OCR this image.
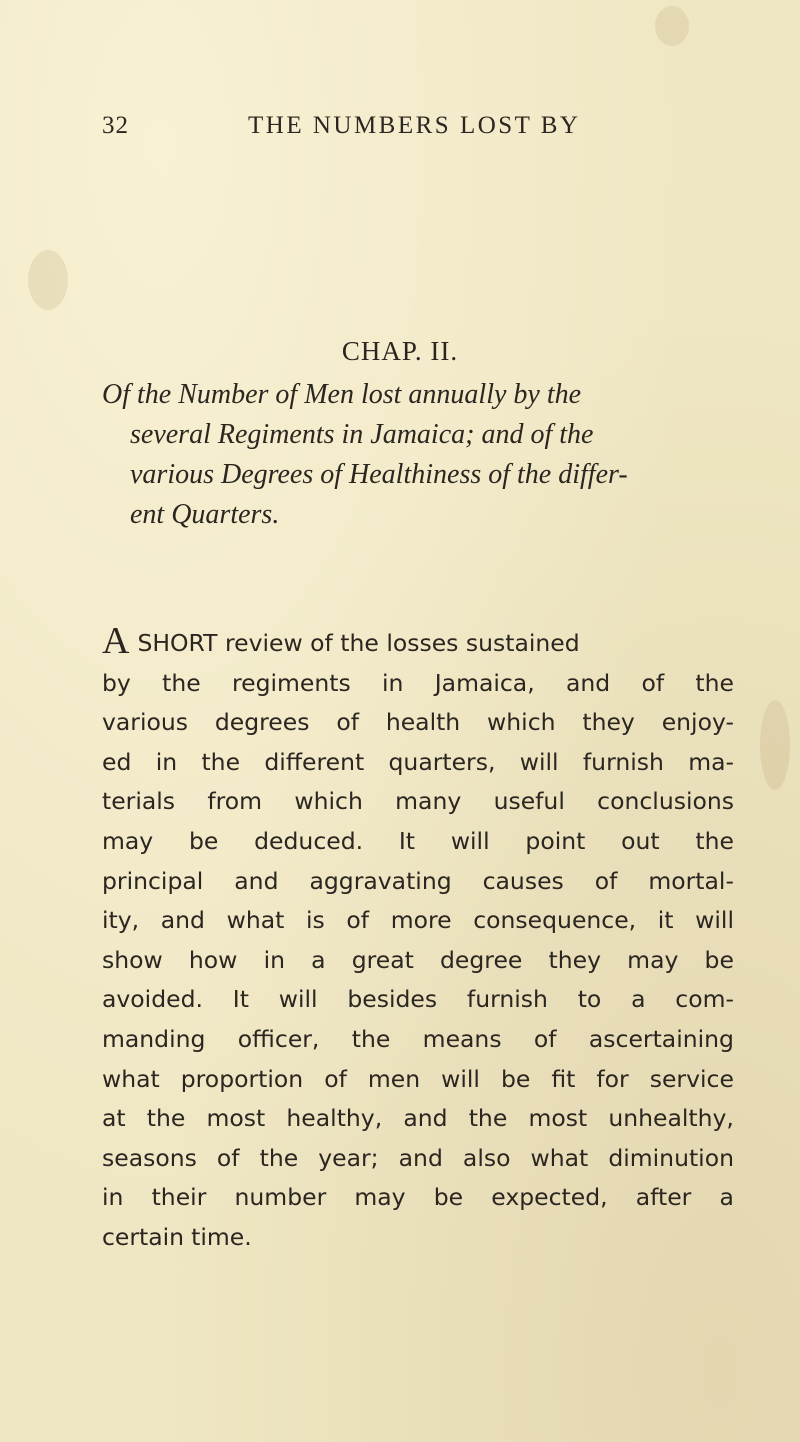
32	THE NUMBERS LOST BY
CHAP. II.
Of the Number of Men lost annually by the
several Regiments in Jamaica; and of the
various Degrees of Healthiness of the differ-
ent Quarters.
A SHORT review of the losses sustained
by the regiments in Jamaica, and of the
various degrees of health which they enjoy-
ed in the different quarters, will furnish ma-
terials from which many useful conclusions
may be deduced. It will point out the
principal and aggravating causes of mortal-
ity, and what is of more consequence, it will
show how in a great degree they may be
avoided. It will besides furnish to a com-
manding officer, the means of ascertaining
what proportion of men will be fit for service
at the most healthy, and the most unhealthy,
seasons of the year; and also what diminution
in their number may be expected, after a
certain time.
